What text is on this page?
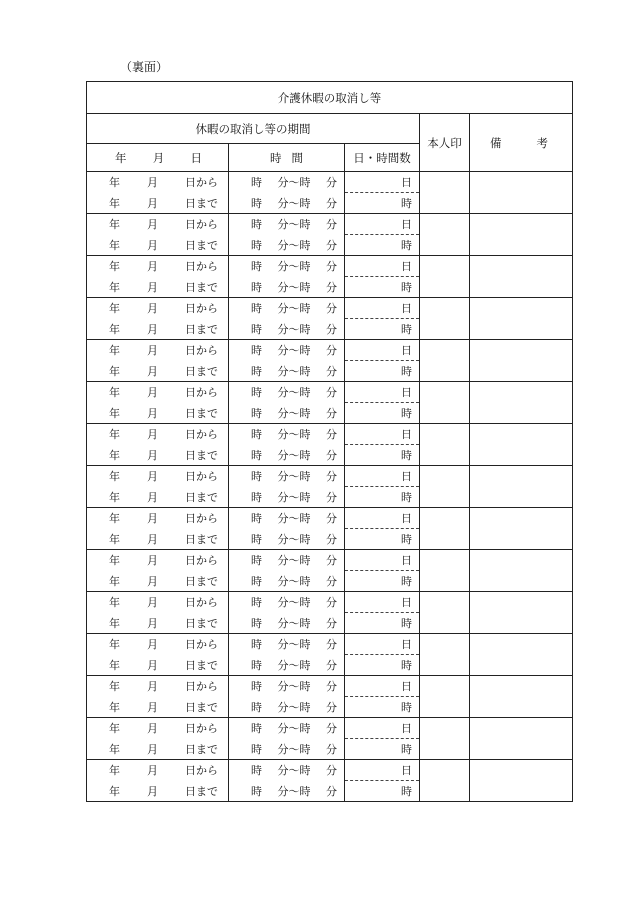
（裏面）
介護休暇の取消し等				
休暇の取消し等の期間			本人印	備 考

年 月 日	時 間	日・時間数		

年 月 日から	時 分〜時 分	日		

年 月 日まで	時 分〜時 分	時		

年 月 日から	時 分〜時 分	日		

年 月 日まで	時 分〜時 分	時		

年 月 日から	時 分〜時 分	日		

年 月 日まで	時 分〜時 分	時		

年 月 日から	時 分〜時 分	日		

年 月 日まで	時 分〜時 分	時		

年 月 日から	時 分〜時 分	日		

年 月 日まで	時 分〜時 分	時		

年 月 日から	時 分〜時 分	日		

年 月 日まで	時 分〜時 分	時		

年 月 日から	時 分〜時 分	日		

年 月 日まで	時 分〜時 分	時		

年 月 日から	時 分〜時 分	日		

年 月 日まで	時 分〜時 分	時		

年 月 日から	時 分〜時 分	日		

年 月 日まで	時 分〜時 分	時		

年 月 日から	時 分〜時 分	日		

年 月 日まで	時 分〜時 分	時		

年 月 日から	時 分〜時 分	日		

年 月 日まで	時 分〜時 分	時		

年 月 日から	時 分〜時 分	日		

年 月 日まで	時 分〜時 分	時		

年 月 日から	時 分〜時 分	日		

年 月 日まで	時 分〜時 分	時		

年 月 日から	時 分〜時 分	日		

年 月 日まで	時 分〜時 分	時		

年 月 日から	時 分〜時 分	日		

年 月 日まで	時 分〜時 分	時		
